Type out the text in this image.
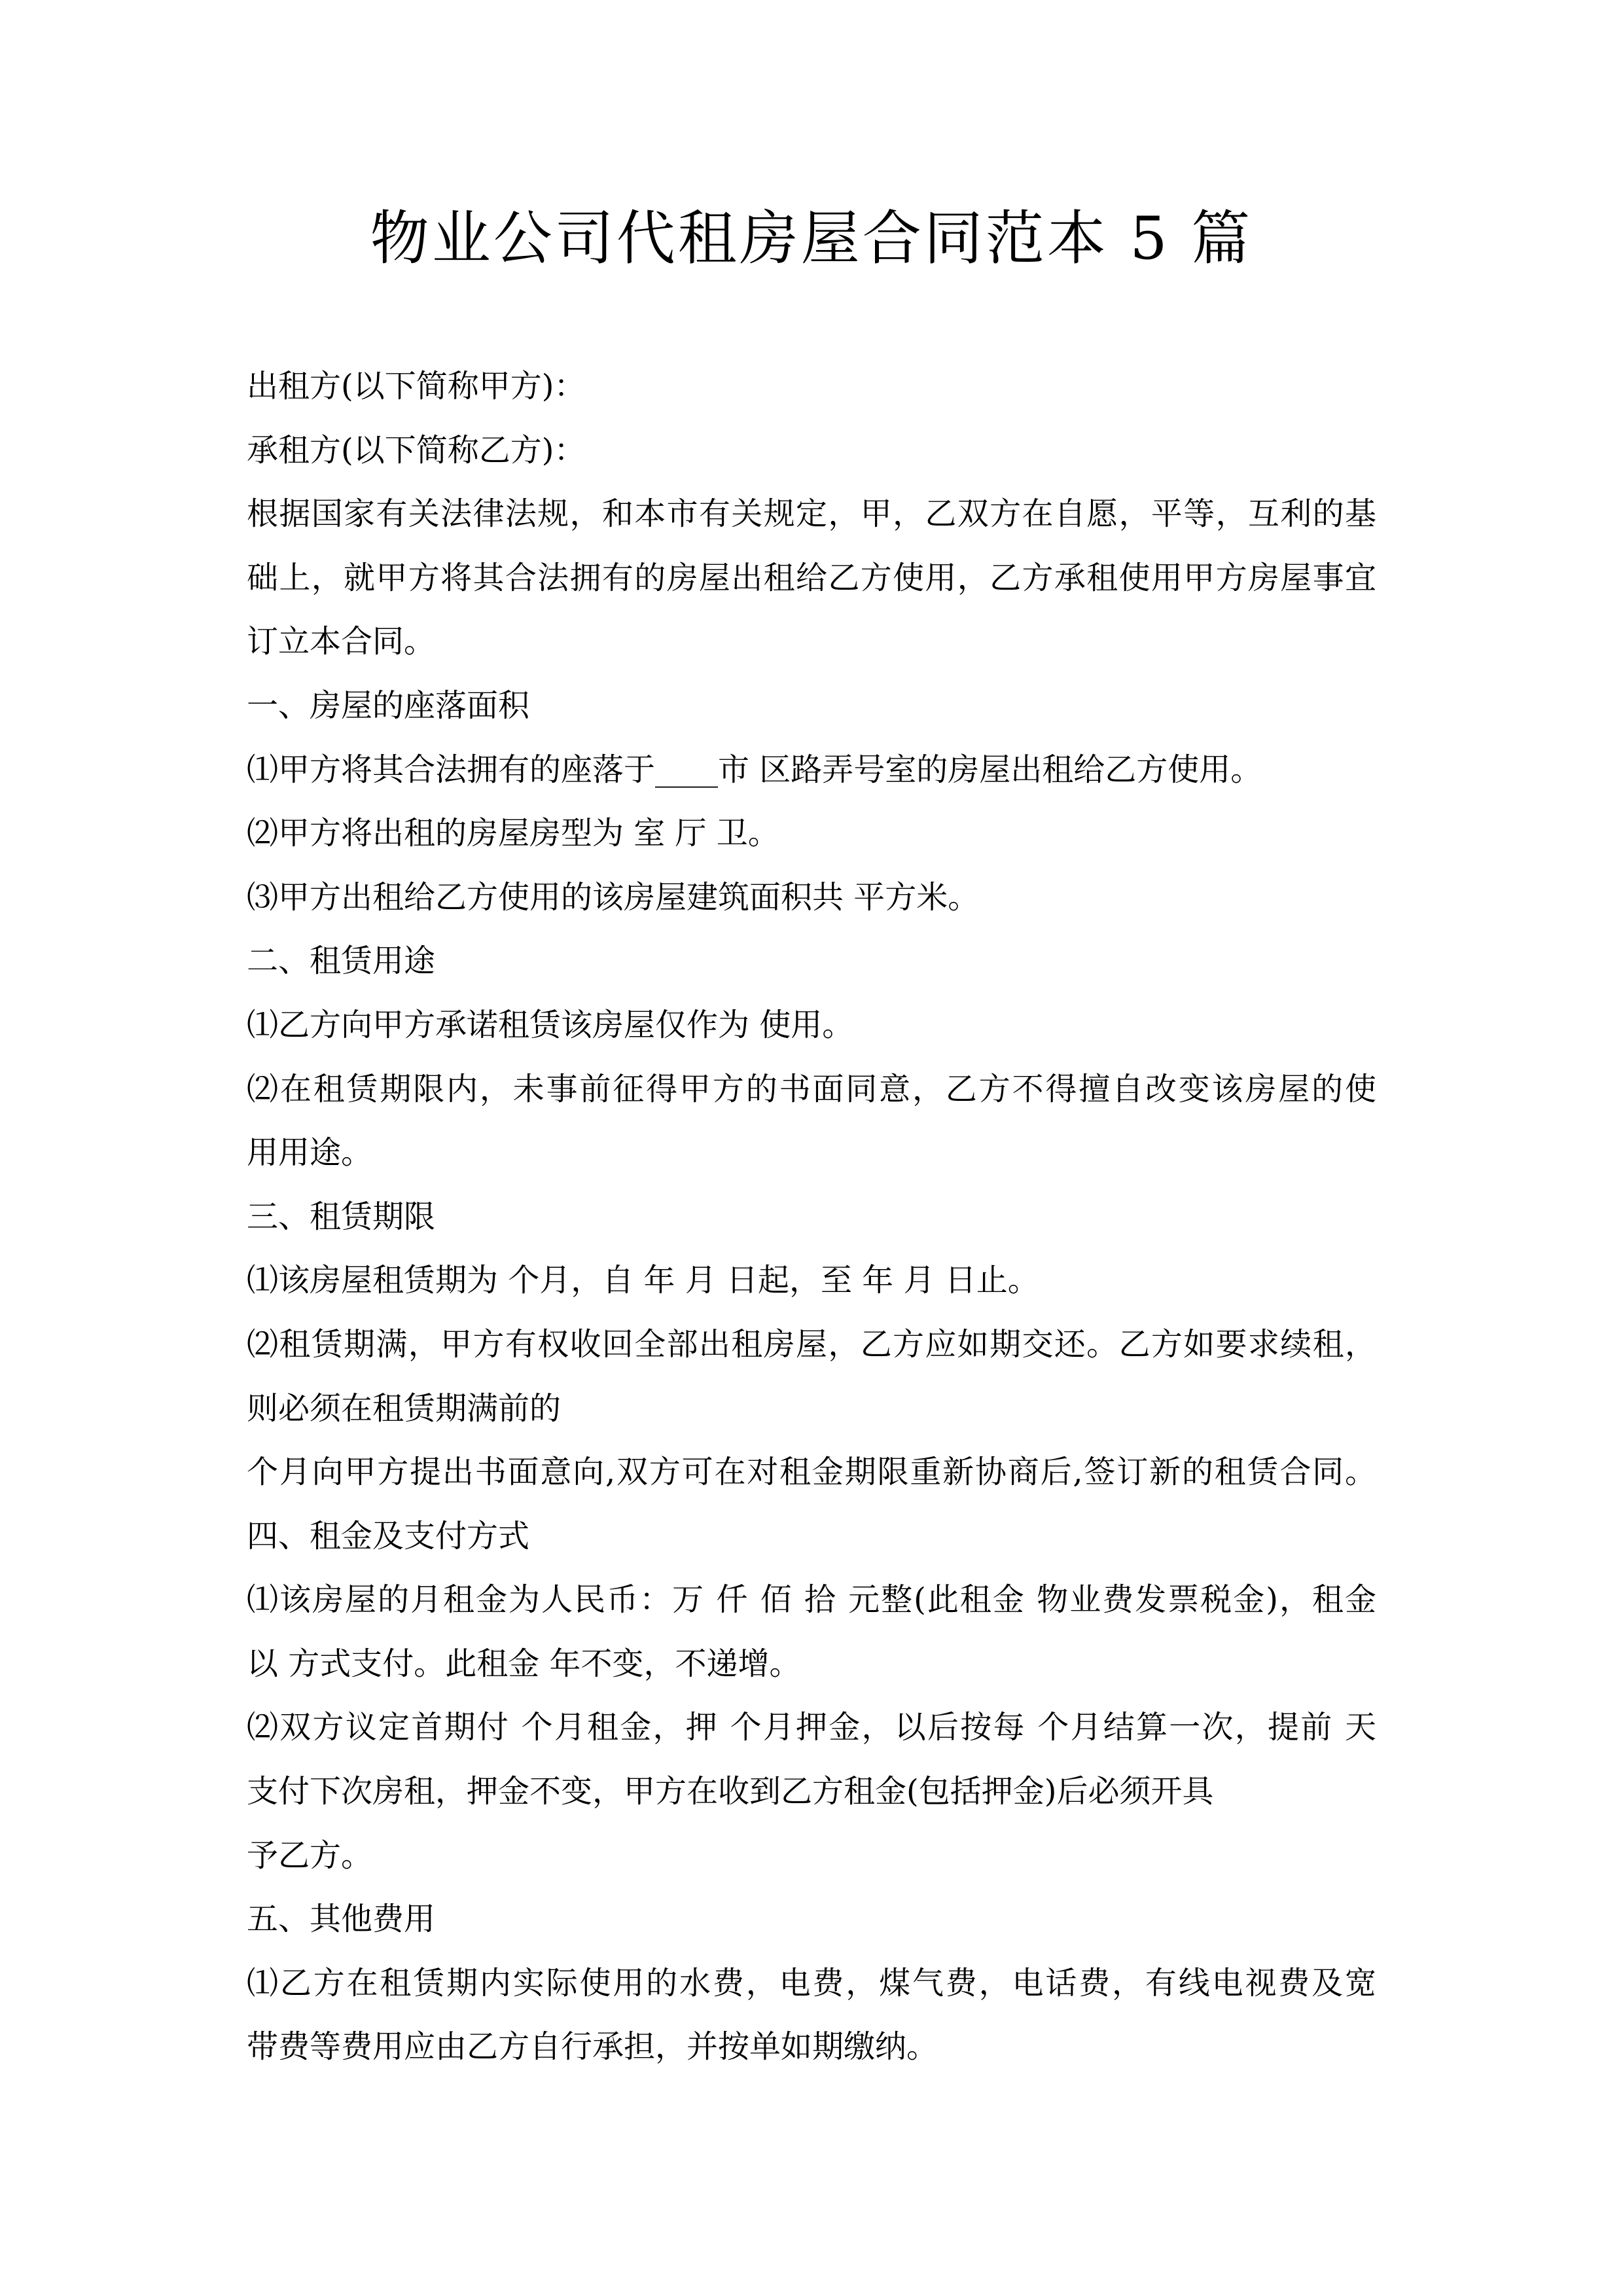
物业公司代租房屋合同范本 5 篇

出租方(以下简称甲方)：

承租方(以下简称乙方)：

根据国家有关法律法规，和本市有关规定，甲，乙双方在自愿，平等，互利的基

础上，就甲方将其合法拥有的房屋出租给乙方使用，乙方承租使用甲方房屋事宜

订立本合同。

一、房屋的座落面积

⑴甲方将其合法拥有的座落于____市 区路弄号室的房屋出租给乙方使用。

⑵甲方将出租的房屋房型为 室 厅 卫。

⑶甲方出租给乙方使用的该房屋建筑面积共 平方米。

二、租赁用途

⑴乙方向甲方承诺租赁该房屋仅作为 使用。

⑵在租赁期限内，未事前征得甲方的书面同意，乙方不得擅自改变该房屋的使

用用途。

三、租赁期限

⑴该房屋租赁期为 个月，自 年 月 日起，至 年 月 日止。

⑵租赁期满，甲方有权收回全部出租房屋，乙方应如期交还。乙方如要求续租，

则必须在租赁期满前的

个月向甲方提出书面意向,双方可在对租金期限重新协商后,签订新的租赁合同。

四、租金及支付方式

⑴该房屋的月租金为人民币：万 仟 佰 拾 元整(此租金 物业费发票税金)，租金

以 方式支付。此租金 年不变，不递增。

⑵双方议定首期付 个月租金，押 个月押金，以后按每 个月结算一次，提前 天

支付下次房租，押金不变，甲方在收到乙方租金(包括押金)后必须开具

予乙方。

五、其他费用

⑴乙方在租赁期内实际使用的水费，电费，煤气费，电话费，有线电视费及宽

带费等费用应由乙方自行承担，并按单如期缴纳。
